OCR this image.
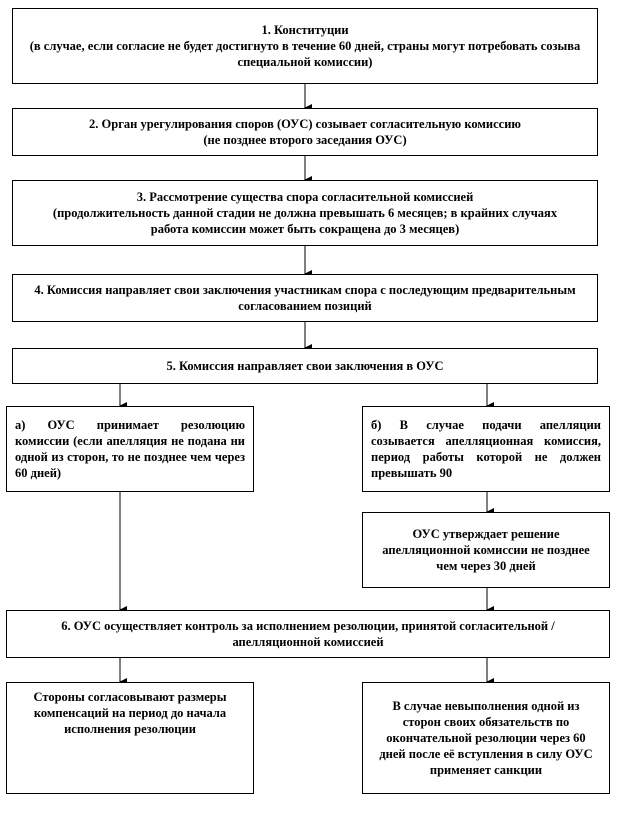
1. Конституции
(в случае, если согласие не будет достигнуто в течение 60 дней, страны могут потребовать созыва специальной комиссии)
2. Орган урегулирования споров (ОУС) созывает согласительную комиссию
(не позднее второго заседания ОУС)
3. Рассмотрение существа спора согласительной комиссией
(продолжительность данной стадии не должна превышать 6 месяцев; в крайних случаях работа комиссии может быть сокращена до 3 месяцев)
4. Комиссия направляет свои заключения участникам спора с последующим предварительным согласованием позиций
5. Комиссия направляет свои заключения в ОУС
а) ОУС принимает резолюцию комиссии (если апелляция не подана ни одной из сторон, то не позднее чем через 60 дней)
б) В случае подачи апелляции созывается апелляционная комиссия, период работы которой не должен превышать 90
ОУС утверждает решение апелляционной комиссии не позднее чем через 30 дней
6. ОУС осуществляет контроль за исполнением резолюции, принятой согласительной / апелляционной комиссией
Стороны согласовывают размеры компенсаций на период до начала исполнения резолюции
В случае невыполнения одной из сторон своих обязательств по окончательной резолюции через 60 дней после её вступления в силу ОУС применяет санкции
